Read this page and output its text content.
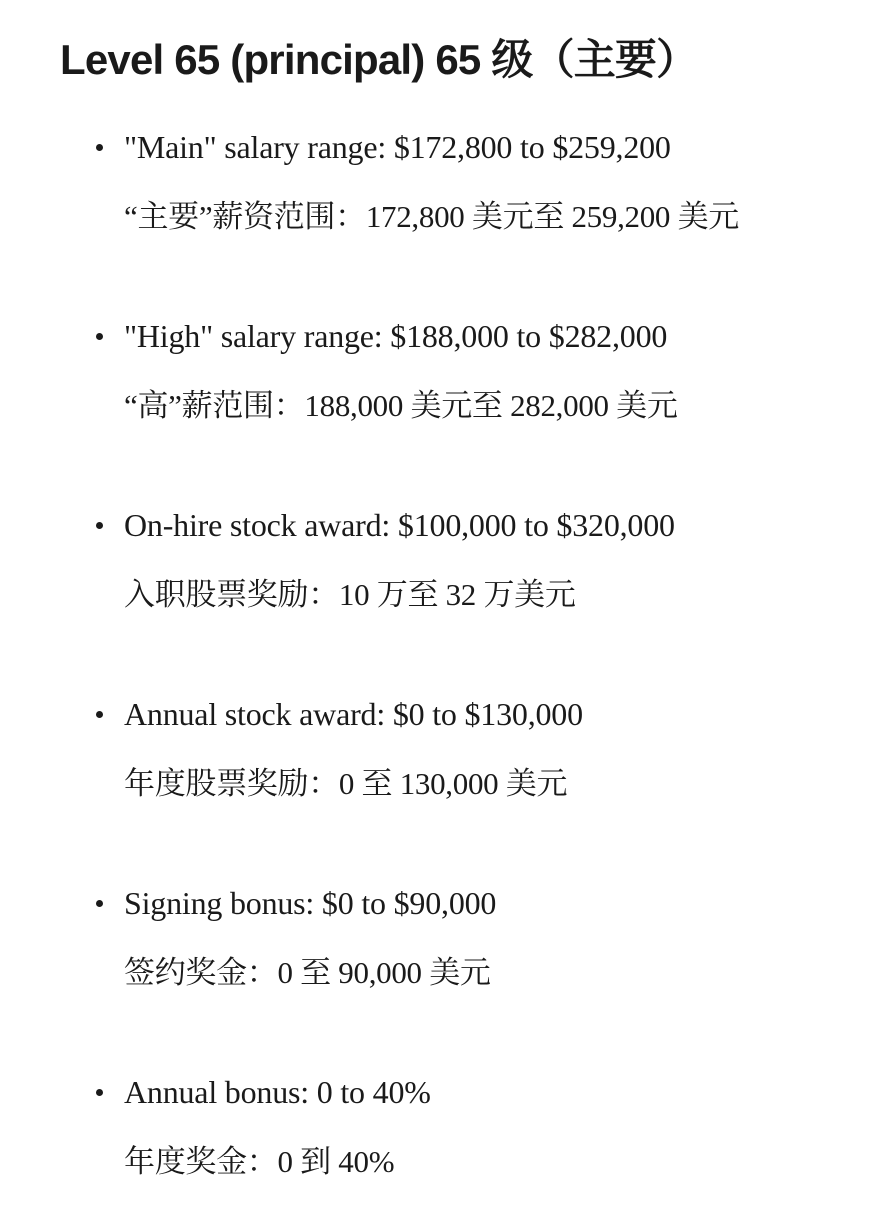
Level 65 (principal) 65 级（主要）
"Main" salary range: $172,800 to $259,200
“主要”薪资范围：172,800 美元至 259,200 美元
"High" salary range: $188,000 to $282,000
“高”薪范围：188,000 美元至 282,000 美元
On-hire stock award: $100,000 to $320,000
入职股票奖励：10 万至 32 万美元
Annual stock award: $0 to $130,000
年度股票奖励：0 至 130,000 美元
Signing bonus: $0 to $90,000
签约奖金：0 至 90,000 美元
Annual bonus: 0 to 40%
年度奖金：0 到 40%
